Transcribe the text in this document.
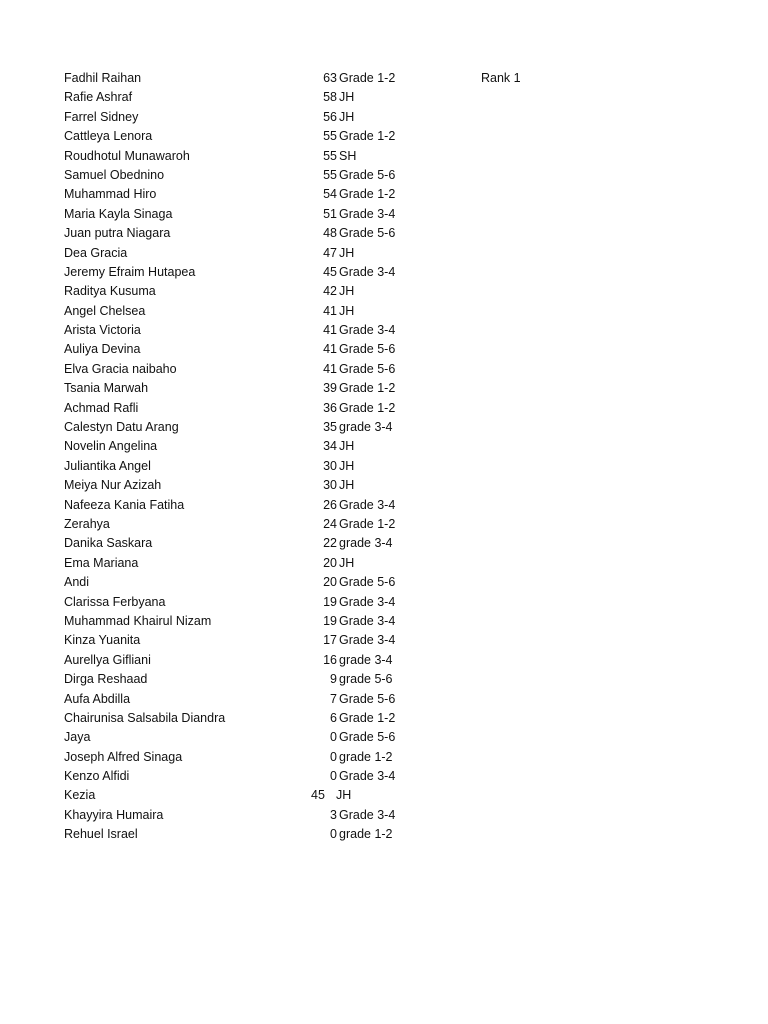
Fadhil Raihan	63 Grade 1-2	Rank 1
Rafie Ashraf	58 JH
Farrel Sidney	56 JH
Cattleya Lenora	55 Grade 1-2
Roudhotul Munawaroh	55 SH
Samuel Obednino	55 Grade 5-6
Muhammad Hiro	54 Grade 1-2
Maria Kayla Sinaga	51 Grade 3-4
Juan putra Niagara	48 Grade 5-6
Dea Gracia	47 JH
Jeremy Efraim Hutapea	45 Grade 3-4
Raditya Kusuma	42 JH
Angel Chelsea	41 JH
Arista Victoria	41 Grade 3-4
Auliya Devina	41 Grade 5-6
Elva Gracia naibaho	41 Grade 5-6
Tsania Marwah	39 Grade 1-2
Achmad Rafli	36 Grade 1-2
Calestyn Datu Arang	35 grade 3-4
Novelin Angelina	34 JH
Juliantika Angel	30 JH
Meiya Nur Azizah	30 JH
Nafeeza Kania Fatiha	26 Grade 3-4
Zerahya	24 Grade 1-2
Danika Saskara	22 grade 3-4
Ema Mariana	20 JH
Andi	20 Grade 5-6
Clarissa Ferbyana	19 Grade 3-4
Muhammad Khairul Nizam	19 Grade 3-4
Kinza Yuanita	17 Grade 3-4
Aurellya Gifliani	16 grade 3-4
Dirga Reshaad	9 grade 5-6
Aufa Abdilla	7 Grade 5-6
Chairunisa Salsabila Diandra	6 Grade 1-2
Jaya	0 Grade 5-6
Joseph Alfred Sinaga	0 grade 1-2
Kenzo Alfidi	0 Grade 3-4
Kezia	45 JH
Khayyira Humaira	3 Grade 3-4
Rehuel Israel	0 grade 1-2
